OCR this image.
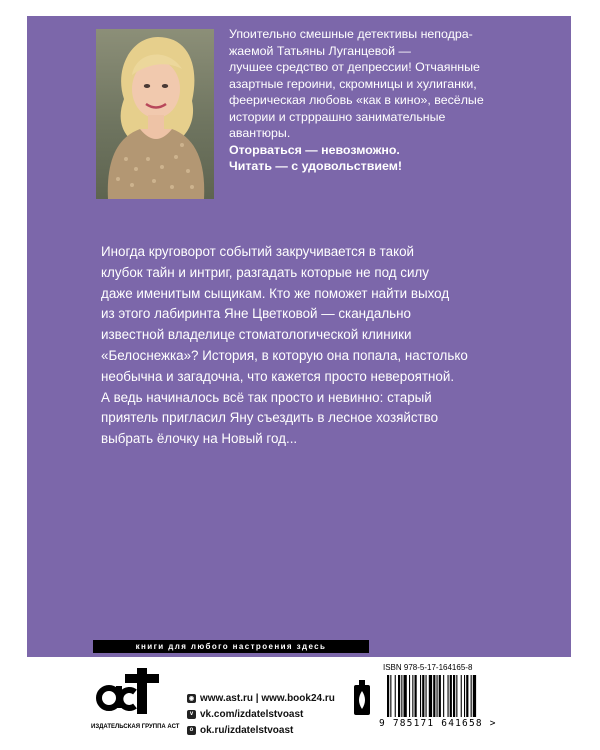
Упоительно смешные детективы неподра-
жаемой Татьяны Луганцевой —
лучшее средство от депрессии! Отчаянные
азартные героини, скромницы и хулиганки,
феерическая любовь «как в кино», весёлые
истории и стрррашно занимательные
авантюры.
Оторваться — невозможно.
Читать — с удовольствием!
Иногда круговорот событий закручивается в такой
клубок тайн и интриг, разгадать которые не под силу
даже именитым сыщикам. Кто же поможет найти выход
из этого лабиринта Яне Цветковой — скандально
известной владелице стоматологической клиники
«Белоснежка»? История, в которую она попала, настолько
необычна и загадочна, что кажется просто невероятной.
А ведь начиналось всё так просто и невинно: старый
приятель пригласил Яну съездить в лесное хозяйство
выбрать ёлочку на Новый год...
книги для любого настроения здесь
ИЗДАТЕЛЬСКАЯ ГРУППА АСТ
◉ www.ast.ru | www.book24.ru
v vk.com/izdatelstvoast
o ok.ru/izdatelstvoast
ISBN 978-5-17-164165-8
9 785171 641658 >
